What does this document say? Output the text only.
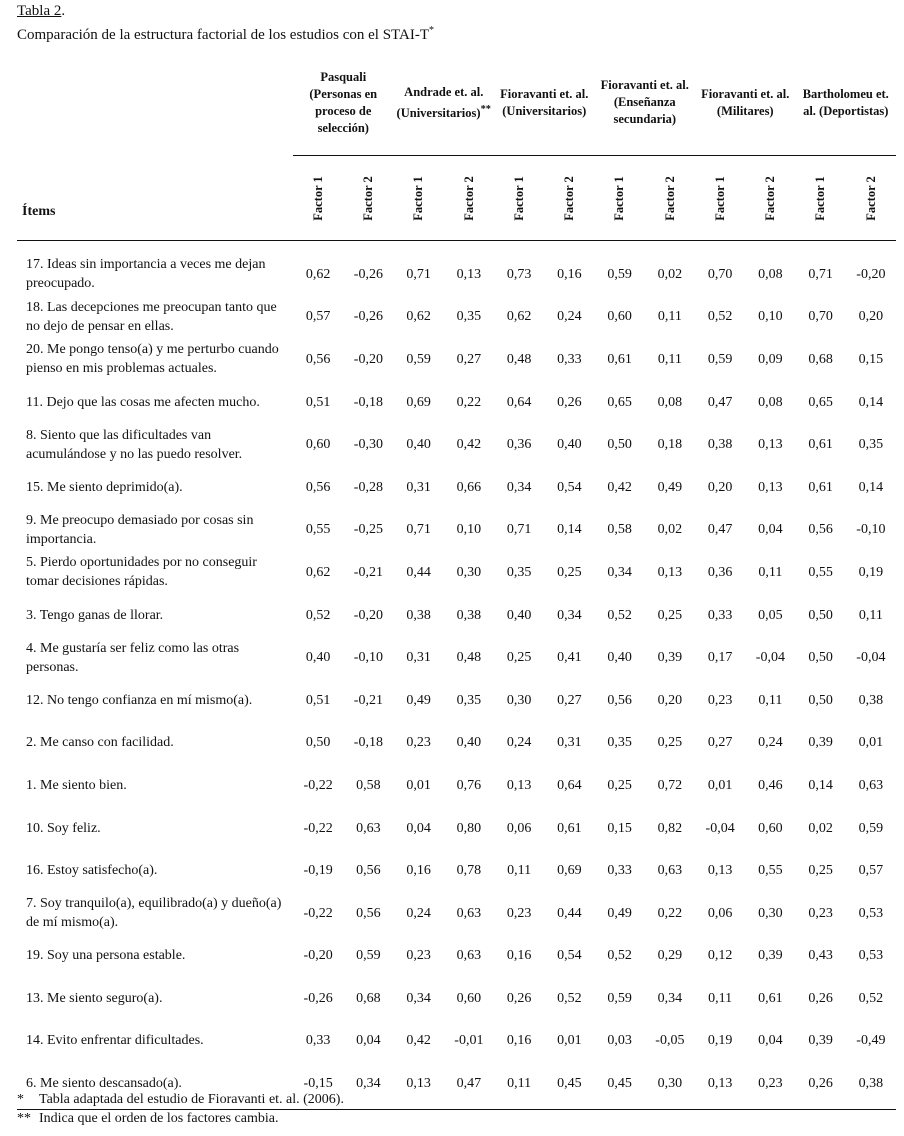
Tabla 2.
Comparación de la estructura factorial de los estudios con el STAI-T*
Ítems	Pasquali (Personas en proceso de selección)		Andrade et. al. (Universitarios)**		Fioravanti et. al. (Universitarios)		Fioravanti et. al. (Enseñanza secundaria)		Fioravanti et. al. (Militares)		Bartholomeu et. al. (Deportistas)	
	Factor 1	Factor 2	Factor 1	Factor 2	Factor 1	Factor 2	Factor 1	Factor 2	Factor 1	Factor 2	Factor 1	Factor 2

17. Ideas sin importancia a veces me dejan preocupado.	0,62	-0,26	0,71	0,13	0,73	0,16	0,59	0,02	0,70	0,08	0,71	-0,20
18. Las decepciones me preocupan tanto que no dejo de pensar en ellas.	0,57	-0,26	0,62	0,35	0,62	0,24	0,60	0,11	0,52	0,10	0,70	0,20
20. Me pongo tenso(a) y me perturbo cuando pienso en mis problemas actuales.	0,56	-0,20	0,59	0,27	0,48	0,33	0,61	0,11	0,59	0,09	0,68	0,15
11. Dejo que las cosas me afecten mucho.	0,51	-0,18	0,69	0,22	0,64	0,26	0,65	0,08	0,47	0,08	0,65	0,14
8. Siento que las dificultades van acumulándose y no las puedo resolver.	0,60	-0,30	0,40	0,42	0,36	0,40	0,50	0,18	0,38	0,13	0,61	0,35
15. Me siento deprimido(a).	0,56	-0,28	0,31	0,66	0,34	0,54	0,42	0,49	0,20	0,13	0,61	0,14
9. Me preocupo demasiado por cosas sin importancia.	0,55	-0,25	0,71	0,10	0,71	0,14	0,58	0,02	0,47	0,04	0,56	-0,10
5. Pierdo oportunidades por no conseguir tomar decisiones rápidas.	0,62	-0,21	0,44	0,30	0,35	0,25	0,34	0,13	0,36	0,11	0,55	0,19
3. Tengo ganas de llorar.	0,52	-0,20	0,38	0,38	0,40	0,34	0,52	0,25	0,33	0,05	0,50	0,11
4. Me gustaría ser feliz como las otras personas.	0,40	-0,10	0,31	0,48	0,25	0,41	0,40	0,39	0,17	-0,04	0,50	-0,04
12. No tengo confianza en mí mismo(a).	0,51	-0,21	0,49	0,35	0,30	0,27	0,56	0,20	0,23	0,11	0,50	0,38
2. Me canso con facilidad.	0,50	-0,18	0,23	0,40	0,24	0,31	0,35	0,25	0,27	0,24	0,39	0,01
1. Me siento bien.	-0,22	0,58	0,01	0,76	0,13	0,64	0,25	0,72	0,01	0,46	0,14	0,63
10. Soy feliz.	-0,22	0,63	0,04	0,80	0,06	0,61	0,15	0,82	-0,04	0,60	0,02	0,59
16. Estoy satisfecho(a).	-0,19	0,56	0,16	0,78	0,11	0,69	0,33	0,63	0,13	0,55	0,25	0,57
7. Soy tranquilo(a), equilibrado(a) y dueño(a) de mí mismo(a).	-0,22	0,56	0,24	0,63	0,23	0,44	0,49	0,22	0,06	0,30	0,23	0,53
19. Soy una persona estable.	-0,20	0,59	0,23	0,63	0,16	0,54	0,52	0,29	0,12	0,39	0,43	0,53
13. Me siento seguro(a).	-0,26	0,68	0,34	0,60	0,26	0,52	0,59	0,34	0,11	0,61	0,26	0,52
14. Evito enfrentar dificultades.	0,33	0,04	0,42	-0,01	0,16	0,01	0,03	-0,05	0,19	0,04	0,39	-0,49
6. Me siento descansado(a).	-0,15	0,34	0,13	0,47	0,11	0,45	0,45	0,30	0,13	0,23	0,26	0,38

* Tabla adaptada del estudio de Fioravanti et. al. (2006).
** Indica que el orden de los factores cambia.
